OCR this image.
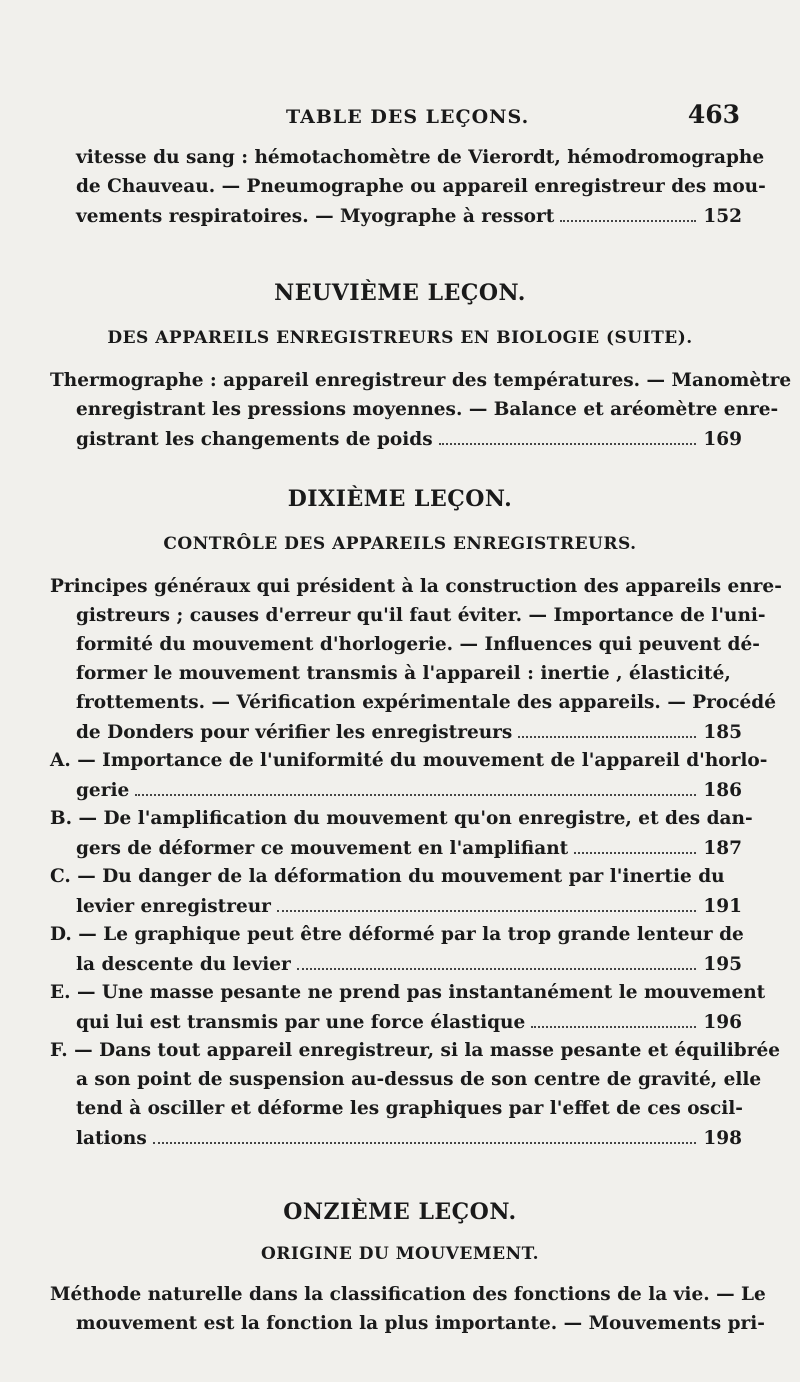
TABLE DES LEÇONS.	463
vitesse du sang : hémotachomètre de Vierordt, hémodromographe
de Chauveau. — Pneumographe ou appareil enregistreur des mou-
vements respiratoires. — Myographe à ressort	152
NEUVIÈME LEÇON.
DES APPAREILS ENREGISTREURS EN BIOLOGIE (SUITE).
Thermographe : appareil enregistreur des températures. — Manomètre
enregistrant les pressions moyennes. — Balance et aréomètre enre-
gistrant les changements de poids	169
DIXIÈME LEÇON.
CONTRÔLE DES APPAREILS ENREGISTREURS.
Principes généraux qui président à la construction des appareils enre-
gistreurs ; causes d'erreur qu'il faut éviter. — Importance de l'uni-
formité du mouvement d'horlogerie. — Influences qui peuvent dé-
former le mouvement transmis à l'appareil : inertie , élasticité,
frottements. — Vérification expérimentale des appareils. — Procédé
de Donders pour vérifier les enregistreurs	185
A. — Importance de l'uniformité du mouvement de l'appareil d'horlo-
gerie	186
B. — De l'amplification du mouvement qu'on enregistre, et des dan-
gers de déformer ce mouvement en l'amplifiant	187
C. — Du danger de la déformation du mouvement par l'inertie du
levier enregistreur	191
D. — Le graphique peut être déformé par la trop grande lenteur de
la descente du levier	195
E. — Une masse pesante ne prend pas instantanément le mouvement
qui lui est transmis par une force élastique	196
F. — Dans tout appareil enregistreur, si la masse pesante et équilibrée
a son point de suspension au-dessus de son centre de gravité, elle
tend à osciller et déforme les graphiques par l'effet de ces oscil-
lations	198
ONZIÈME LEÇON.
ORIGINE DU MOUVEMENT.
Méthode naturelle dans la classification des fonctions de la vie. — Le
mouvement est la fonction la plus importante. — Mouvements pri-
